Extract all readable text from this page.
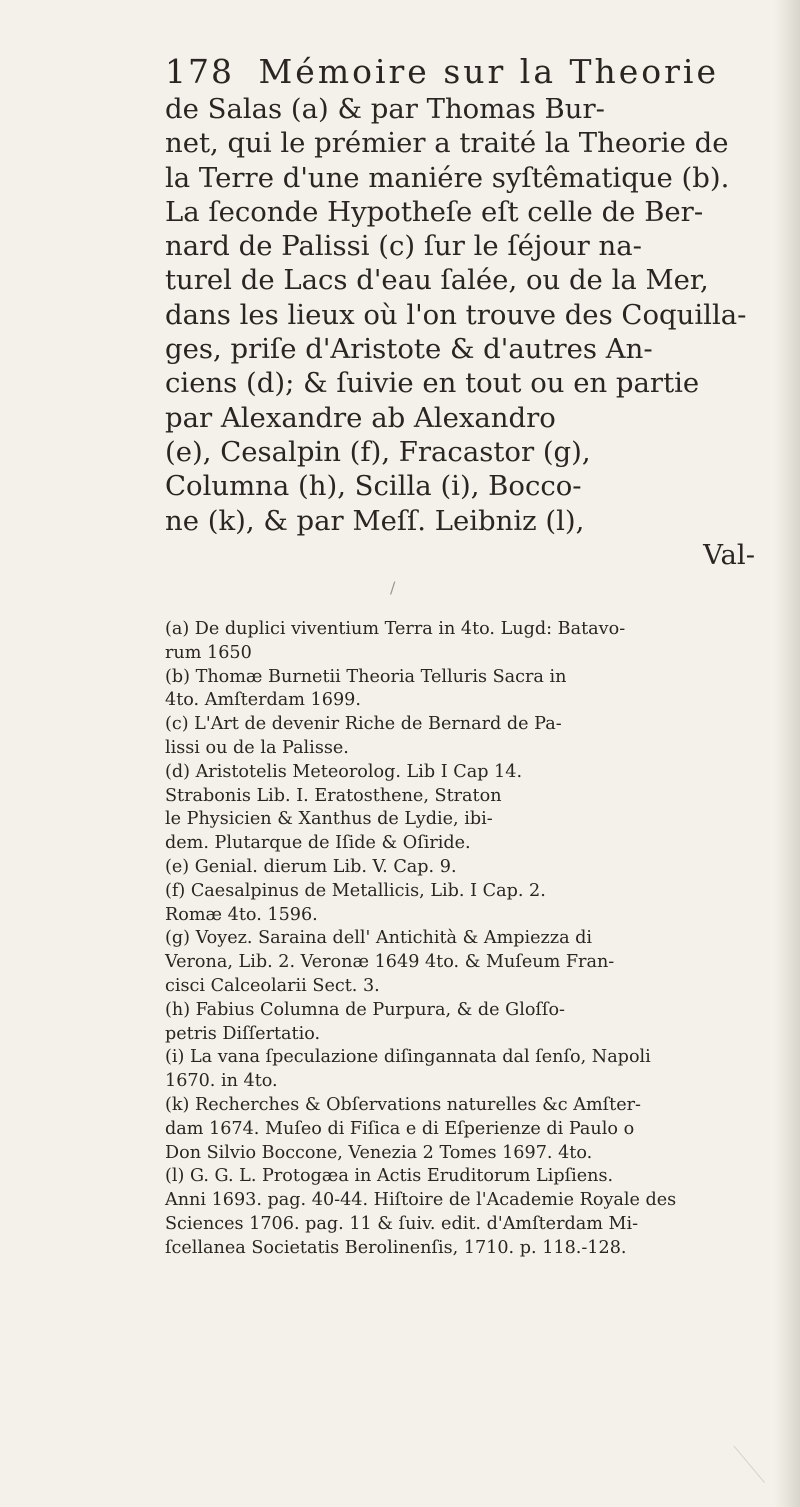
178 Mémoire sur la Theorie
de Salas (a) & par Thomas Bur-
net, qui le prémier a traité la Theorie de
la Terre d'une maniére syſtêmatique (b).
La ſeconde Hypotheſe eſt celle de Ber-
nard de Palissi (c) ſur le ſéjour na-
turel de Lacs d'eau ſalée, ou de la Mer,
dans les lieux où l'on trouve des Coquilla-
ges, priſe d'Aristote & d'autres An-
ciens (d); & ſuivie en tout ou en partie
par Alexandre ab Alexandro
(e), Cesalpin (f), Fracastor (g),
Columna (h), Scilla (i), Bocco-
ne (k), & par Meſſ. Leibniz (l),
Val-
/
(a) De duplici viventium Terra in 4to. Lugd: Batavo-
rum 1650
(b) Thomæ Burnetii Theoria Telluris Sacra in
4to. Amſterdam 1699.
(c) L'Art de devenir Riche de Bernard de Pa-
lissi ou de la Palisse.
(d) Aristotelis Meteorolog. Lib I Cap 14.
Strabonis Lib. I. Eratosthene, Straton
le Physicien & Xanthus de Lydie, ibi-
dem. Plutarque de Iſide & Oſiride.
(e) Genial. dierum Lib. V. Cap. 9.
(f) Caesalpinus de Metallicis, Lib. I Cap. 2.
Romæ 4to. 1596.
(g) Voyez. Saraina dell' Antichità & Ampiezza di
Verona, Lib. 2. Veronæ 1649 4to. & Muſeum Fran-
cisci Calceolarii Sect. 3.
(h) Fabius Columna de Purpura, & de Gloſſo-
petris Diſſertatio.
(i) La vana ſpeculazione diſingannata dal ſenſo, Napoli
1670. in 4to.
(k) Recherches & Obſervations naturelles &c Amſter-
dam 1674. Muſeo di Fiſica e di Eſperienze di Paulo o
Don Silvio Boccone, Venezia 2 Tomes 1697. 4to.
(l) G. G. L. Protogæa in Actis Eruditorum Lipſiens.
Anni 1693. pag. 40-44. Hiſtoire de l'Academie Royale des
Sciences 1706. pag. 11 & ſuiv. edit. d'Amſterdam Mi-
ſcellanea Societatis Berolinenſis, 1710. p. 118.-128.
